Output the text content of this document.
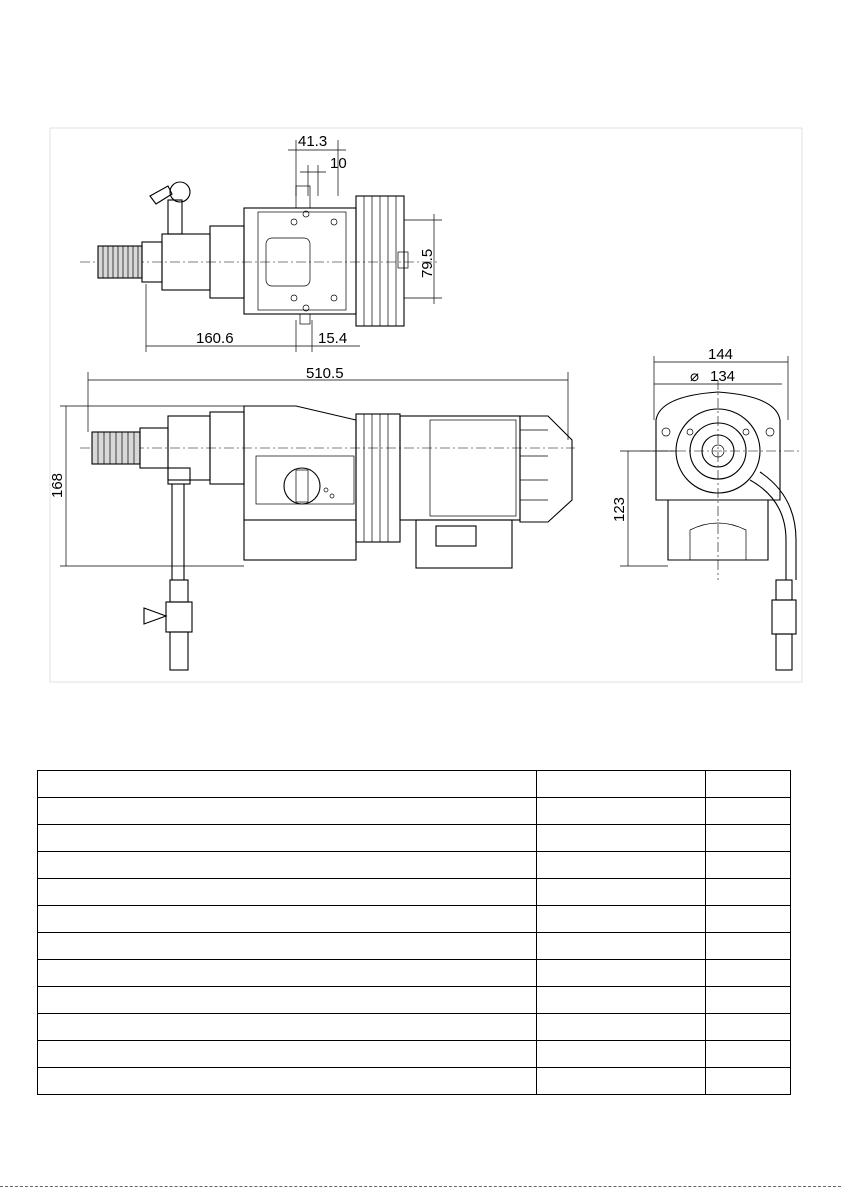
41.3
10
79.5
160.6	15.4
510.5
168
144
⌀ 134
123
